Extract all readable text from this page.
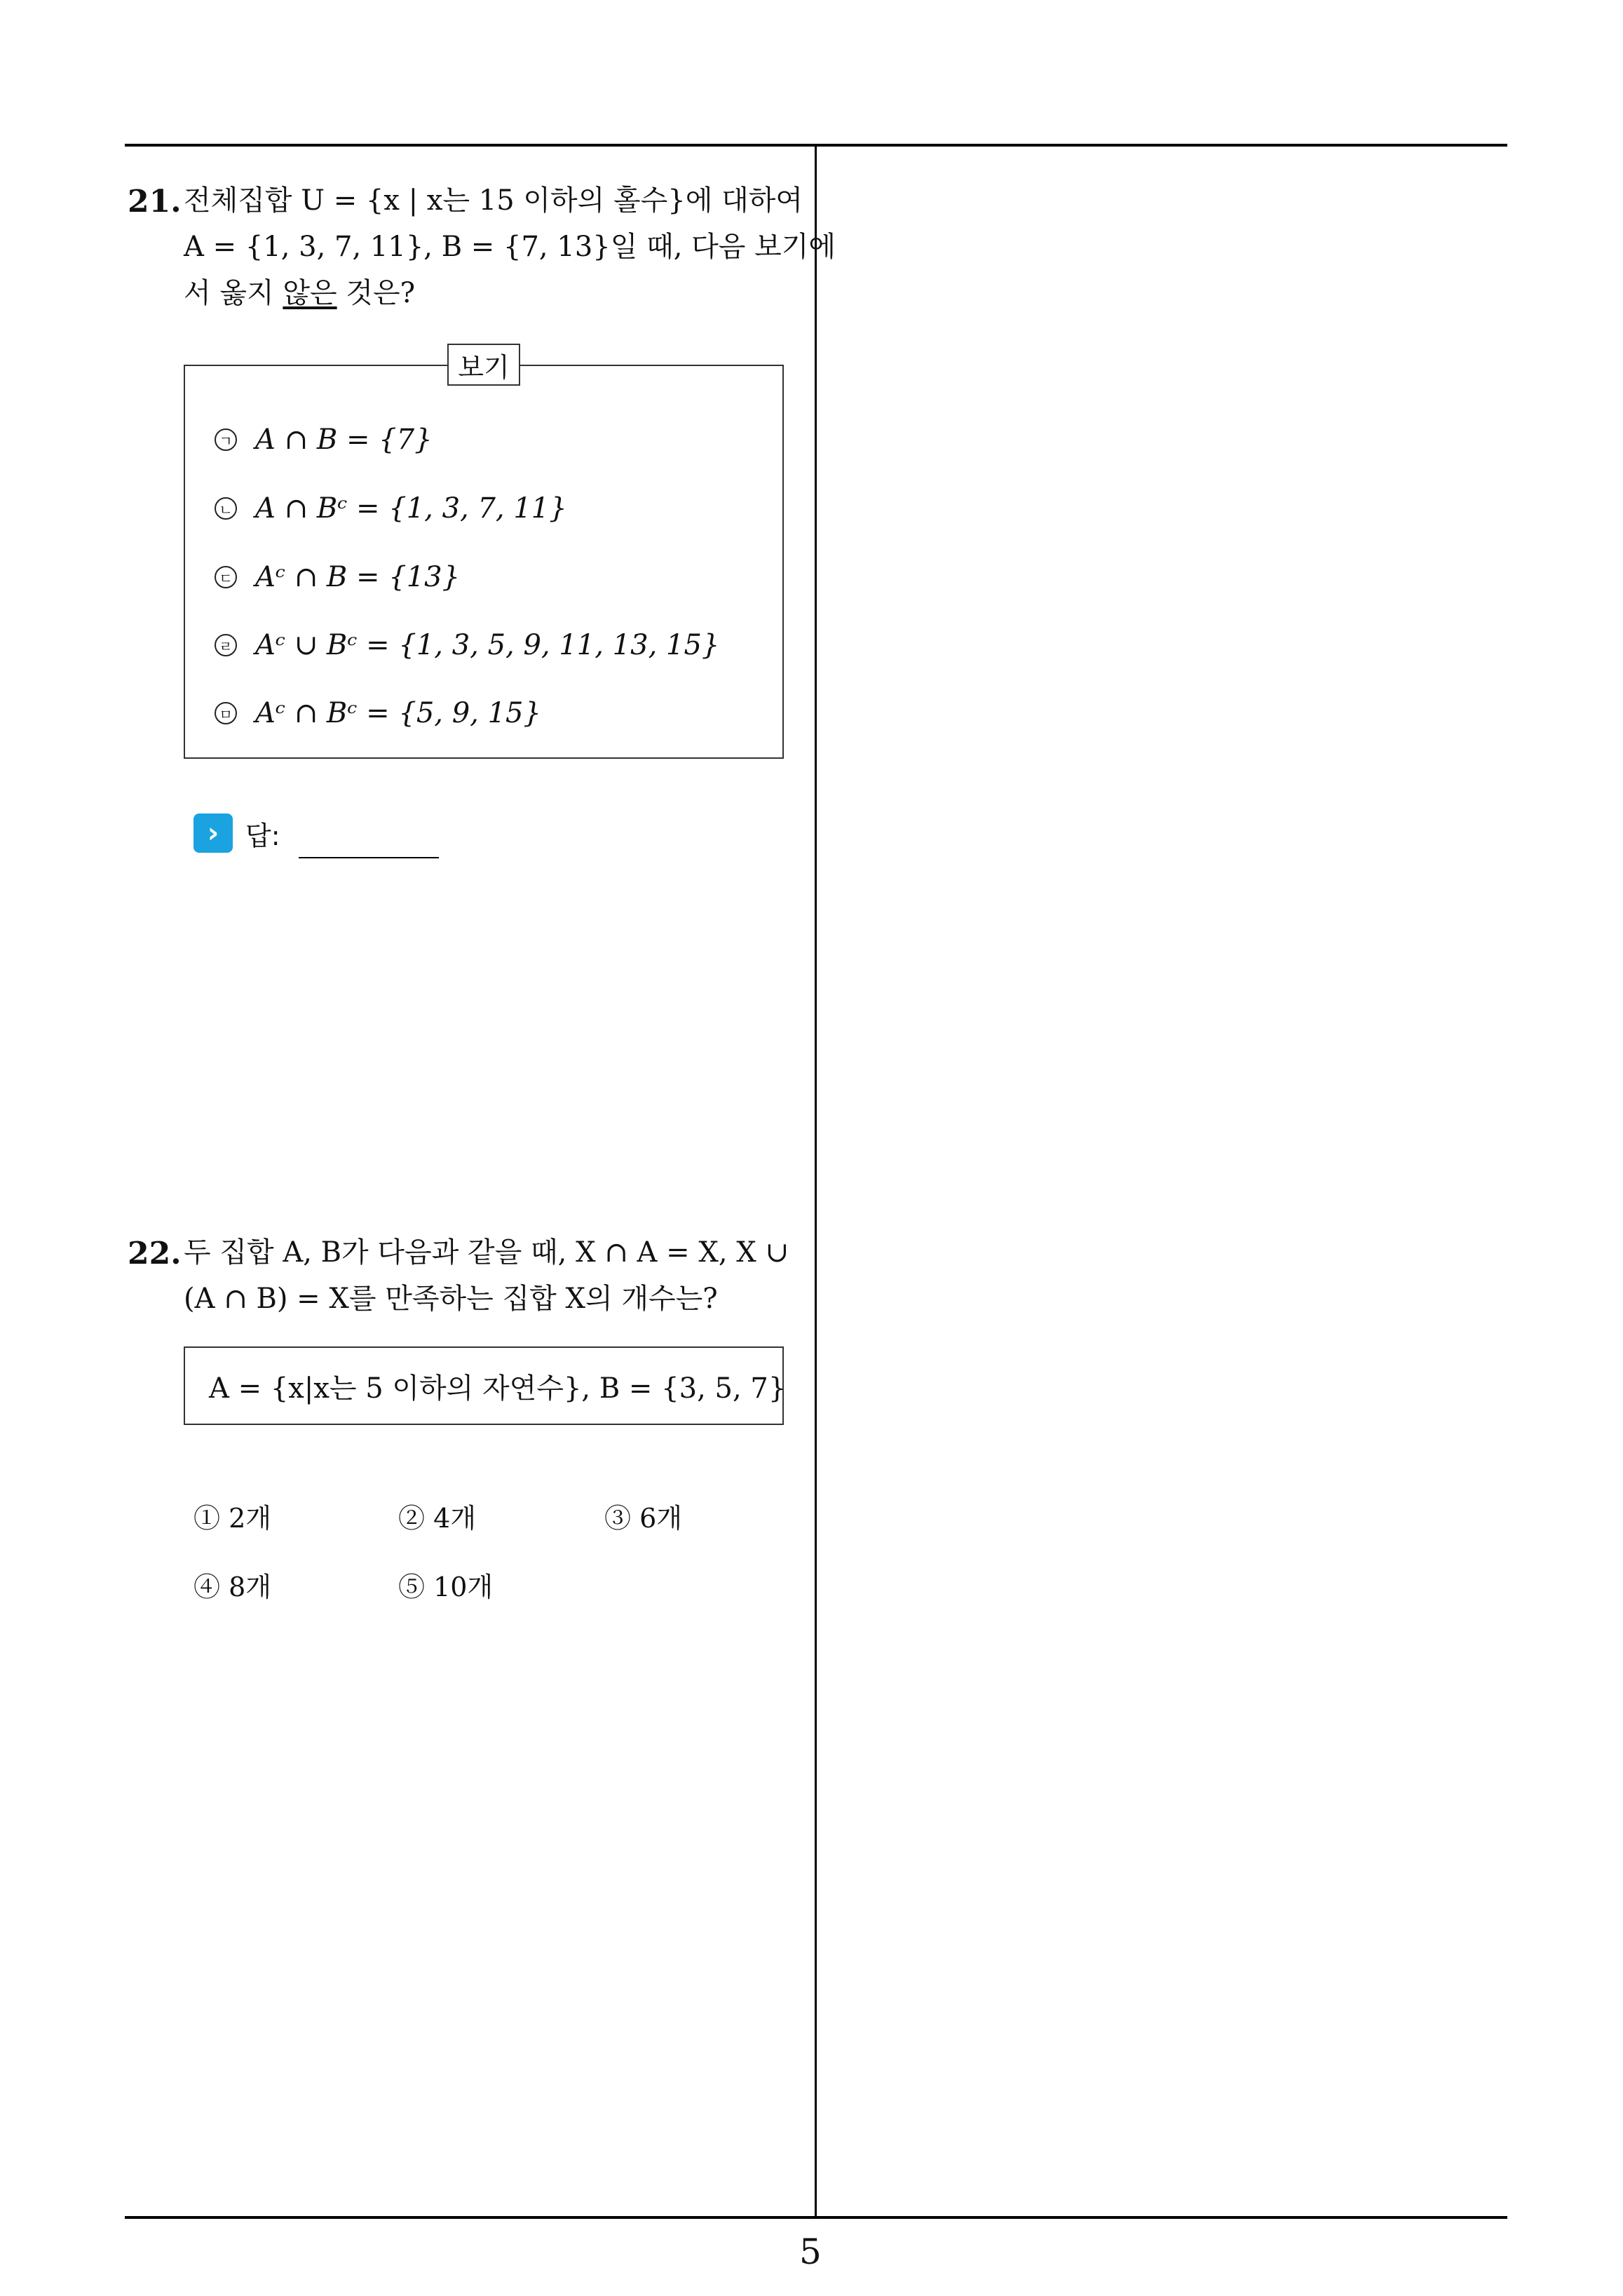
21. 전체집합 U = {x | x는 15 이하의 홀수}에 대하여
A = {1, 3, 7, 11}, B = {7, 13}일 때, 다음 보기에
서 옳지 않은 것은?
보기
ㄱ A ∩ B = {7}
ㄴ A ∩ Bᶜ = {1, 3, 7, 11}
ㄷ Aᶜ ∩ B = {13}
ㄹ Aᶜ ∪ Bᶜ = {1, 3, 5, 9, 11, 13, 15}
ㅁ Aᶜ ∩ Bᶜ = {5, 9, 15}
› 답:
22. 두 집합 A, B가 다음과 같을 때, X ∩ A = X, X ∪
(A ∩ B) = X를 만족하는 집합 X의 개수는?
A = {x|x는 5 이하의 자연수}, B = {3, 5, 7}
① 2개	② 4개	③ 6개
④ 8개	⑤ 10개
5
